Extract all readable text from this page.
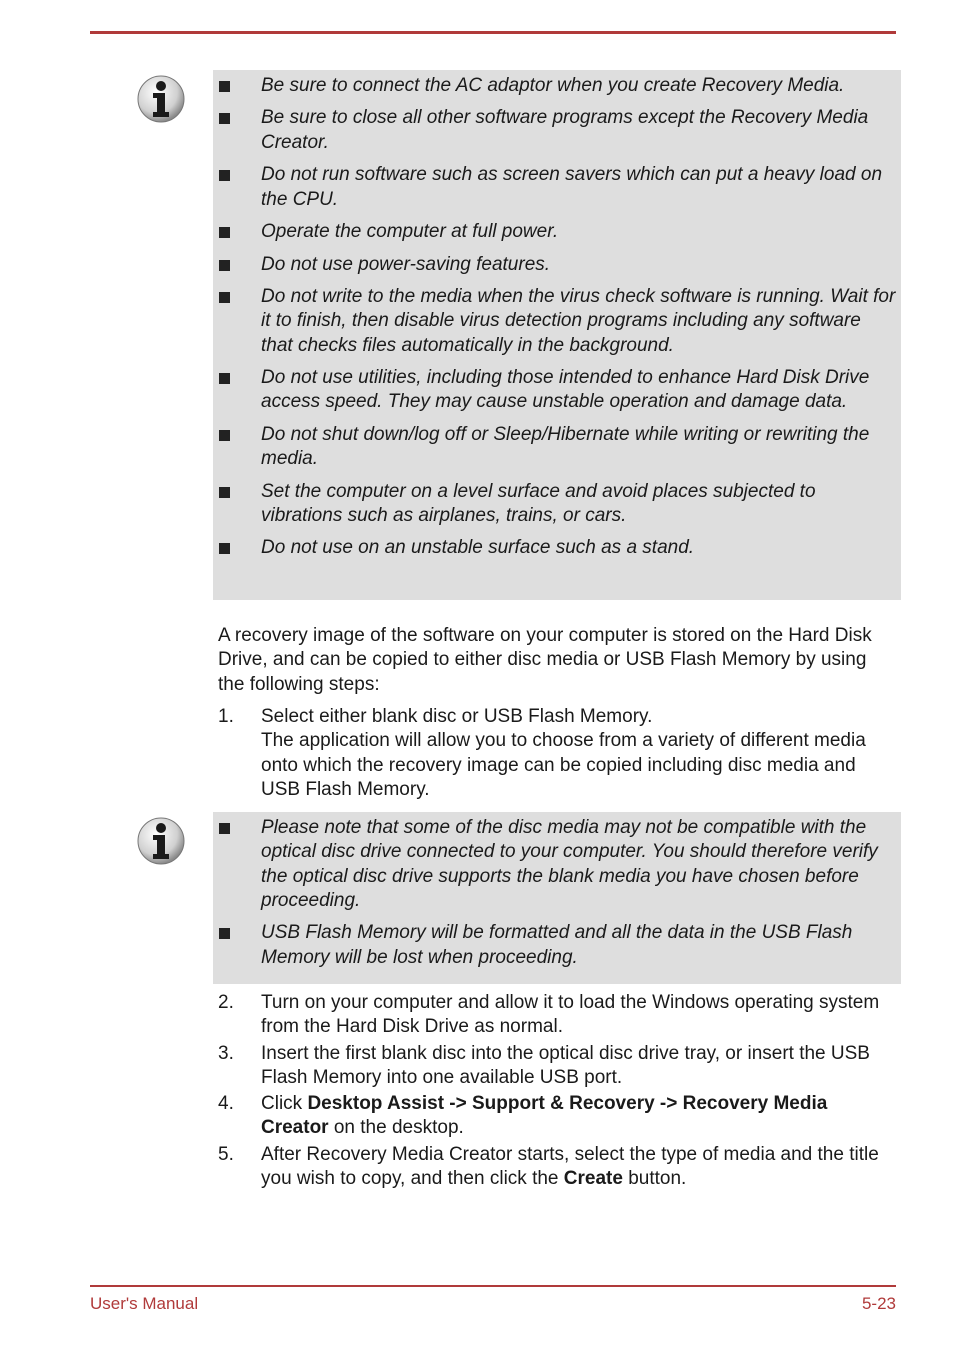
Be sure to connect the AC adaptor when you create Recovery Media.
Be sure to close all other software programs except the Recovery Media Creator.
Do not run software such as screen savers which can put a heavy load on the CPU.
Operate the computer at full power.
Do not use power-saving features.
Do not write to the media when the virus check software is running. Wait for it to finish, then disable virus detection programs including any software that checks files automatically in the background.
Do not use utilities, including those intended to enhance Hard Disk Drive access speed. They may cause unstable operation and damage data.
Do not shut down/log off or Sleep/Hibernate while writing or rewriting the media.
Set the computer on a level surface and avoid places subjected to vibrations such as airplanes, trains, or cars.
Do not use on an unstable surface such as a stand.

A recovery image of the software on your computer is stored on the Hard Disk Drive, and can be copied to either disc media or USB Flash Memory by using the following steps:

1. Select either blank disc or USB Flash Memory.
The application will allow you to choose from a variety of different media onto which the recovery image can be copied including disc media and USB Flash Memory.
Please note that some of the disc media may not be compatible with the optical disc drive connected to your computer. You should therefore verify the optical disc drive supports the blank media you have chosen before proceeding.
USB Flash Memory will be formatted and all the data in the USB Flash Memory will be lost when proceeding.
2. Turn on your computer and allow it to load the Windows operating system from the Hard Disk Drive as normal.
3. Insert the first blank disc into the optical disc drive tray, or insert the USB Flash Memory into one available USB port.
4. Click Desktop Assist -> Support & Recovery -> Recovery Media Creator on the desktop.
5. After Recovery Media Creator starts, select the type of media and the title you wish to copy, and then click the Create button.
User's Manual	5-23
